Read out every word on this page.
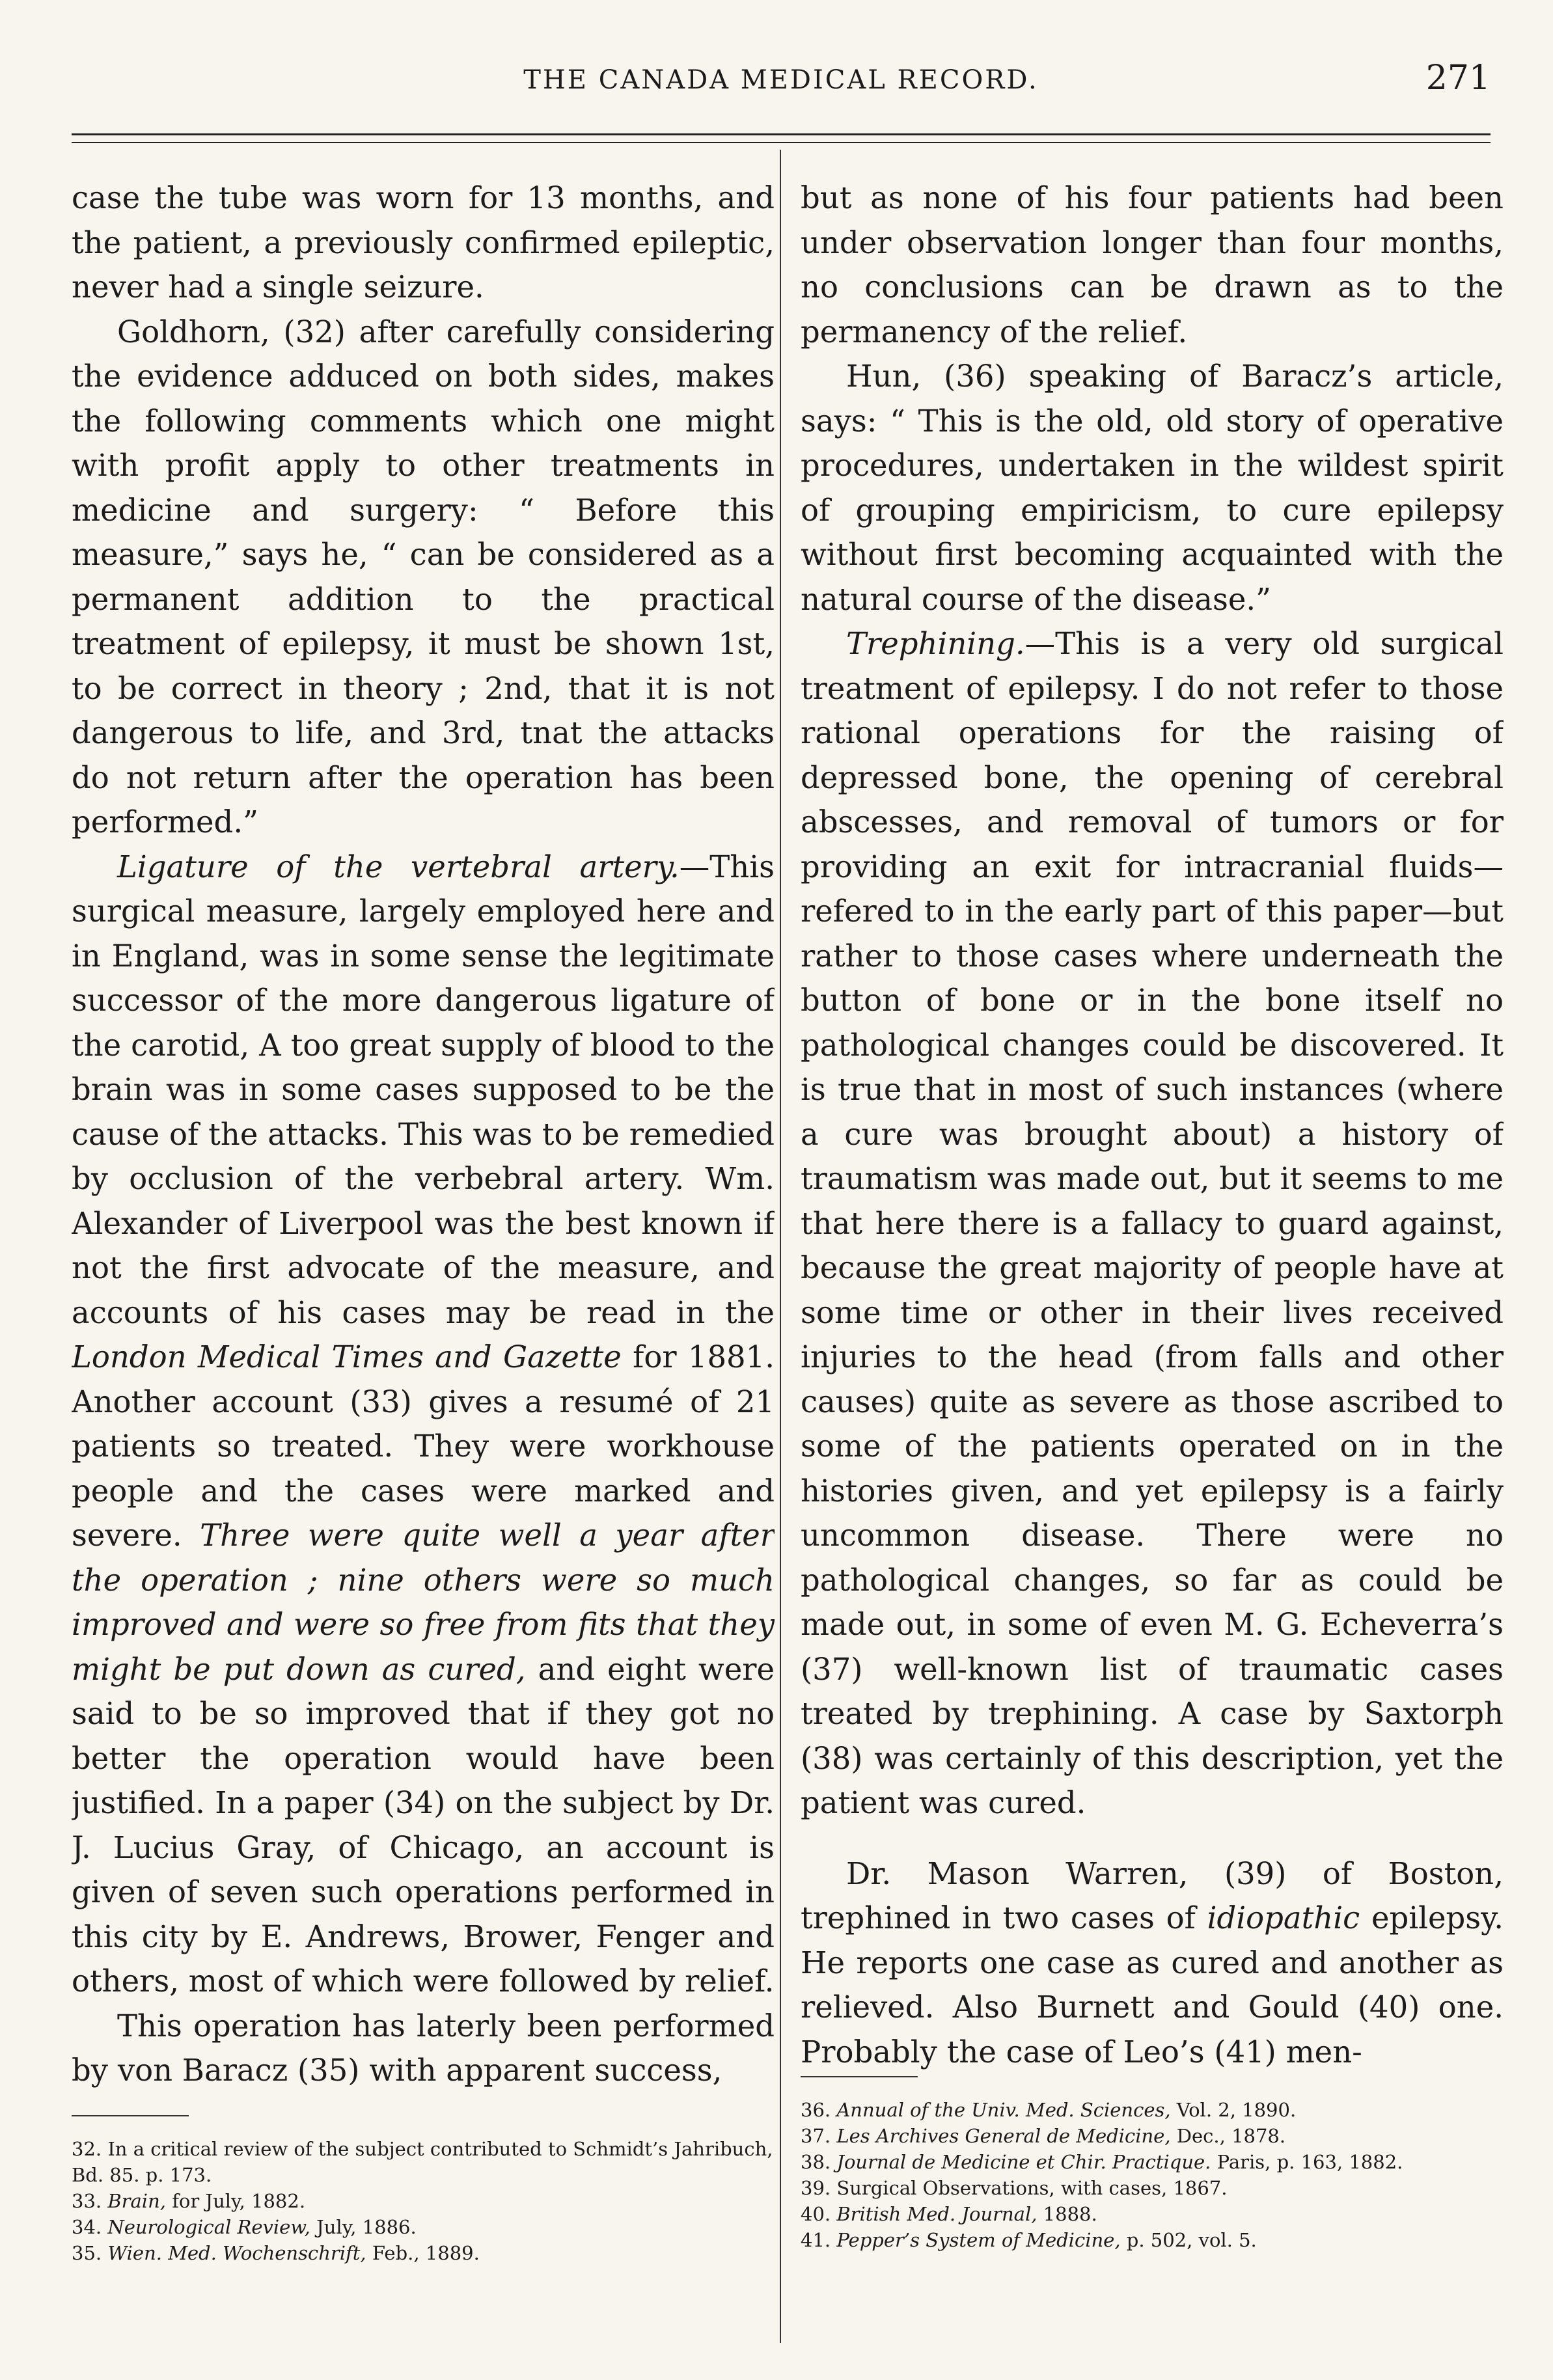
THE CANADA MEDICAL RECORD.	271

case the tube was worn for 13 months, and the patient, a previously confirmed epileptic, never had a single seizure.

Goldhorn, (32) after carefully considering the evidence adduced on both sides, makes the following comments which one might with profit apply to other treatments in medicine and surgery: “ Before this measure,” says he, “ can be considered as a permanent addition to the practical treatment of epilepsy, it must be shown 1st, to be correct in theory ; 2nd, that it is not dangerous to life, and 3rd, tnat the attacks do not return after the operation has been performed.”

Ligature of the vertebral artery.—This surgical measure, largely employed here and in England, was in some sense the legitimate successor of the more dangerous ligature of the carotid, A too great supply of blood to the brain was in some cases supposed to be the cause of the attacks. This was to be remedied by occlusion of the verbebral artery. Wm. Alexander of Liverpool was the best known if not the first advocate of the measure, and accounts of his cases may be read in the London Medical Times and Gazette for 1881. Another account (33) gives a resumé of 21 patients so treated. They were workhouse people and the cases were marked and severe. Three were quite well a year after the operation ; nine others were so much improved and were so free from fits that they might be put down as cured, and eight were said to be so improved that if they got no better the operation would have been justified. In a paper (34) on the subject by Dr. J. Lucius Gray, of Chicago, an account is given of seven such operations performed in this city by E. Andrews, Brower, Fenger and others, most of which were followed by relief.

This operation has laterly been performed by von Baracz (35) with apparent success,

32. In a critical review of the subject contributed to Schmidt’s Jahribuch, Bd. 85. p. 173.

33. Brain, for July, 1882.

34. Neurological Review, July, 1886.

35. Wien. Med. Wochenschrift, Feb., 1889.

but as none of his four patients had been under observation longer than four months, no conclusions can be drawn as to the permanency of the relief.

Hun, (36) speaking of Baracz’s article, says: “ This is the old, old story of operative procedures, undertaken in the wildest spirit of grouping empiricism, to cure epilepsy without first becoming acquainted with the natural course of the disease.”

Trephining.—This is a very old surgical treatment of epilepsy. I do not refer to those rational operations for the raising of depressed bone, the opening of cerebral abscesses, and removal of tumors or for providing an exit for intracranial fluids—refered to in the early part of this paper—but rather to those cases where underneath the button of bone or in the bone itself no pathological changes could be discovered. It is true that in most of such instances (where a cure was brought about) a history of traumatism was made out, but it seems to me that here there is a fallacy to guard against, because the great majority of people have at some time or other in their lives received injuries to the head (from falls and other causes) quite as severe as those ascribed to some of the patients operated on in the histories given, and yet epilepsy is a fairly uncommon disease. There were no pathological changes, so far as could be made out, in some of even M. G. Echeverra’s (37) well-known list of traumatic cases treated by trephining. A case by Saxtorph (38) was certainly of this description, yet the patient was cured.

Dr. Mason Warren, (39) of Boston, trephined in two cases of idiopathic epilepsy. He reports one case as cured and another as relieved. Also Burnett and Gould (40) one. Probably the case of Leo’s (41) men-

36. Annual of the Univ. Med. Sciences, Vol. 2, 1890.

37. Les Archives General de Medicine, Dec., 1878.

38. Journal de Medicine et Chir. Practique. Paris, p. 163, 1882.

39. Surgical Observations, with cases, 1867.

40. British Med. Journal, 1888.

41. Pepper’s System of Medicine, p. 502, vol. 5.
